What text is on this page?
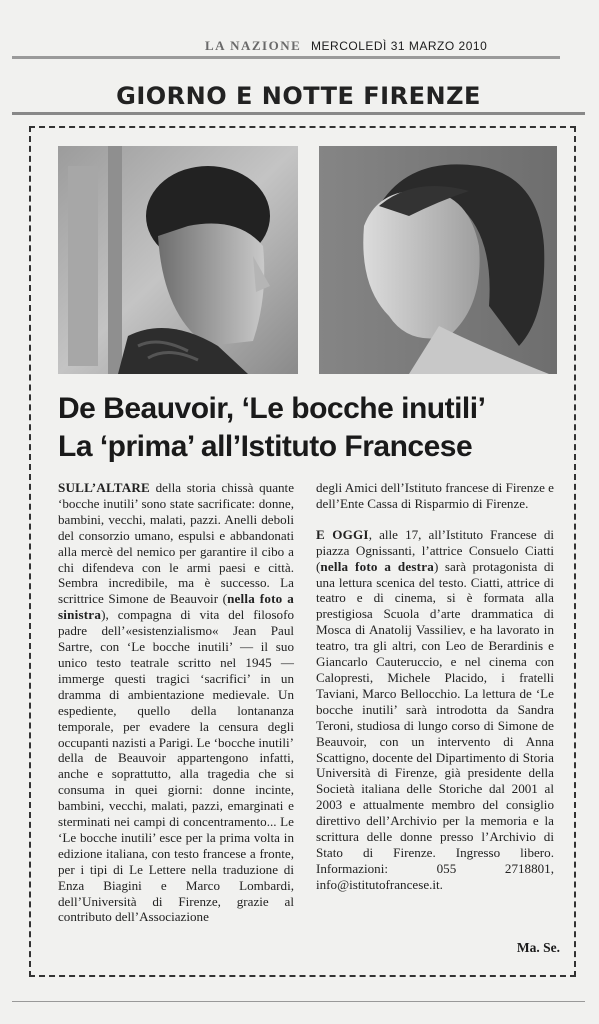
LA NAZIONE MERCOLEDÌ 31 MARZO 2010
GIORNO E NOTTE FIRENZE
De Beauvoir, ‘Le bocche inutili’
La ‘prima’ all’Istituto Francese

SULL’ALTARE della storia chissà quante ‘bocche inutili’ sono state sacrificate: donne, bambini, vecchi, malati, pazzi. Anelli deboli del consorzio umano, espulsi e abbandonati alla mercè del nemico per garantire il cibo a chi difendeva con le armi paesi e città. Sembra incredibile, ma è successo. La scrittrice Simone de Beauvoir (nella foto a sinistra), compagna di vita del filosofo padre dell’«esistenzialismo« Jean Paul Sartre, con ‘Le bocche inutili’ — il suo unico testo teatrale scritto nel 1945 — immerge questi tragici ‘sacrifici’ in un dramma di ambientazione medievale. Un espediente, quello della lontananza temporale, per evadere la censura degli occupanti nazisti a Parigi. Le ‘bocche inutili’ della de Beauvoir appartengono infatti, anche e soprattutto, alla tragedia che si consuma in quei giorni: donne incinte, bambini, vecchi, malati, pazzi, emarginati e sterminati nei campi di concentramento... Le ‘Le bocche inutili’ esce per la prima volta in edizione italiana, con testo francese a fronte, per i tipi di Le Lettere nella traduzione di Enza Biagini e Marco Lombardi, dell’Università di Firenze, grazie al contributo dell’Associazione

degli Amici dell’Istituto francese di Firenze e dell’Ente Cassa di Risparmio di Firenze.

E OGGI, alle 17, all’Istituto Francese di piazza Ognissanti, l’attrice Consuelo Ciatti (nella foto a destra) sarà protagonista di una lettura scenica del testo. Ciatti, attrice di teatro e di cinema, si è formata alla prestigiosa Scuola d’arte drammatica di Mosca di Anatolij Vassiliev, e ha lavorato in teatro, tra gli altri, con Leo de Berardinis e Giancarlo Cauteruccio, e nel cinema con Calopresti, Michele Placido, i fratelli Taviani, Marco Bellocchio. La lettura de ‘Le bocche inutili’ sarà introdotta da Sandra Teroni, studiosa di lungo corso di Simone de Beauvoir, con un intervento di Anna Scattigno, docente del Dipartimento di Storia Università di Firenze, già presidente della Società italiana delle Storiche dal 2001 al 2003 e attualmente membro del consiglio direttivo dell’Archivio per la memoria e la scrittura delle donne presso l’Archivio di Stato di Firenze. Ingresso libero. Informazioni: 055 2718801, info@istitutofrancese.it.

Ma. Se.
